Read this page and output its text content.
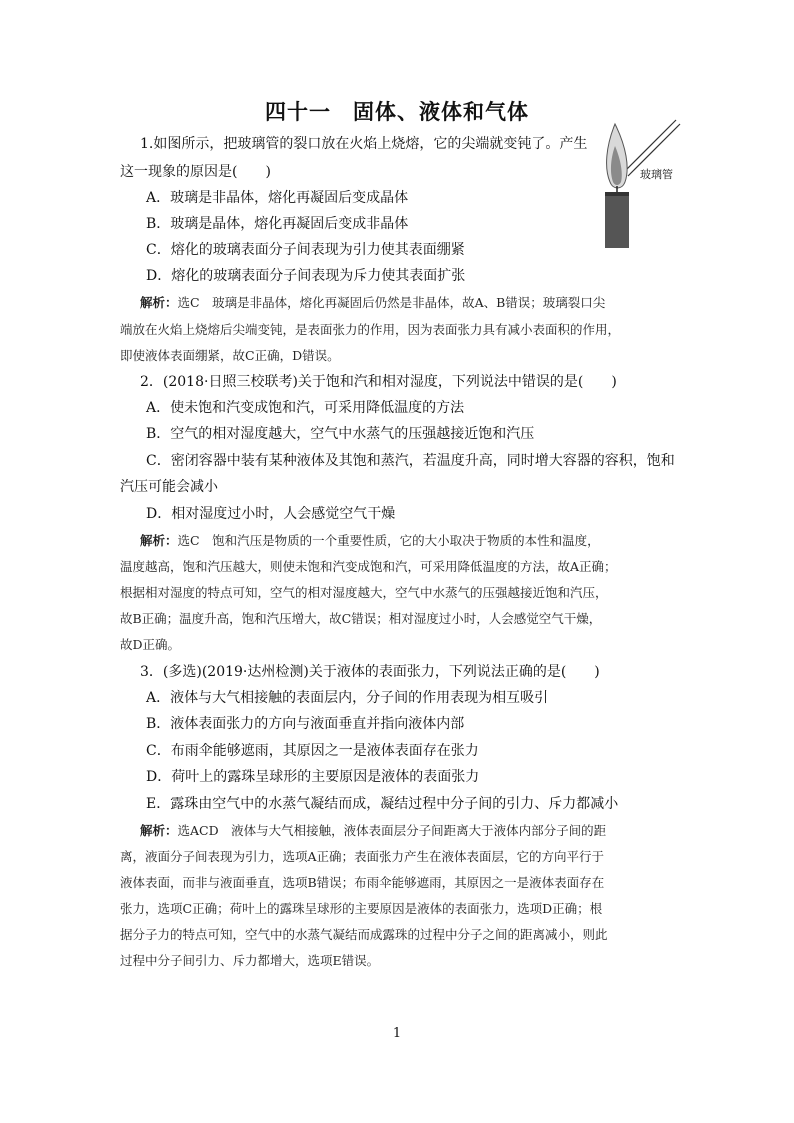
四十一　固体、液体和气体
1.如图所示，把玻璃管的裂口放在火焰上烧熔，它的尖端就变钝了。产生
这一现象的原因是(　　)
A．玻璃是非晶体，熔化再凝固后变成晶体
B．玻璃是晶体，熔化再凝固后变成非晶体
C．熔化的玻璃表面分子间表现为引力使其表面绷紧
D．熔化的玻璃表面分子间表现为斥力使其表面扩张
解析：选C　玻璃是非晶体，熔化再凝固后仍然是非晶体，故A、B错误；玻璃裂口尖
端放在火焰上烧熔后尖端变钝，是表面张力的作用，因为表面张力具有减小表面积的作用，
即使液体表面绷紧，故C正确，D错误。
玻璃管
2．(2018·日照三校联考)关于饱和汽和相对湿度，下列说法中错误的是(　　)
A．使未饱和汽变成饱和汽，可采用降低温度的方法
B．空气的相对湿度越大，空气中水蒸气的压强越接近饱和汽压
C．密闭容器中装有某种液体及其饱和蒸汽，若温度升高，同时增大容器的容积，饱和
汽压可能会减小
D．相对湿度过小时，人会感觉空气干燥
解析：选C　饱和汽压是物质的一个重要性质，它的大小取决于物质的本性和温度，
温度越高，饱和汽压越大，则使未饱和汽变成饱和汽，可采用降低温度的方法，故A正确；
根据相对湿度的特点可知，空气的相对湿度越大，空气中水蒸气的压强越接近饱和汽压，
故B正确；温度升高，饱和汽压增大，故C错误；相对湿度过小时，人会感觉空气干燥，
故D正确。
3．(多选)(2019·达州检测)关于液体的表面张力，下列说法正确的是(　　)
A．液体与大气相接触的表面层内，分子间的作用表现为相互吸引
B．液体表面张力的方向与液面垂直并指向液体内部
C．布雨伞能够遮雨，其原因之一是液体表面存在张力
D．荷叶上的露珠呈球形的主要原因是液体的表面张力
E．露珠由空气中的水蒸气凝结而成，凝结过程中分子间的引力、斥力都减小
解析：选ACD　液体与大气相接触，液体表面层分子间距离大于液体内部分子间的距
离，液面分子间表现为引力，选项A正确；表面张力产生在液体表面层，它的方向平行于
液体表面，而非与液面垂直，选项B错误；布雨伞能够遮雨，其原因之一是液体表面存在
张力，选项C正确；荷叶上的露珠呈球形的主要原因是液体的表面张力，选项D正确；根
据分子力的特点可知，空气中的水蒸气凝结而成露珠的过程中分子之间的距离减小，则此
过程中分子间引力、斥力都增大，选项E错误。
1
